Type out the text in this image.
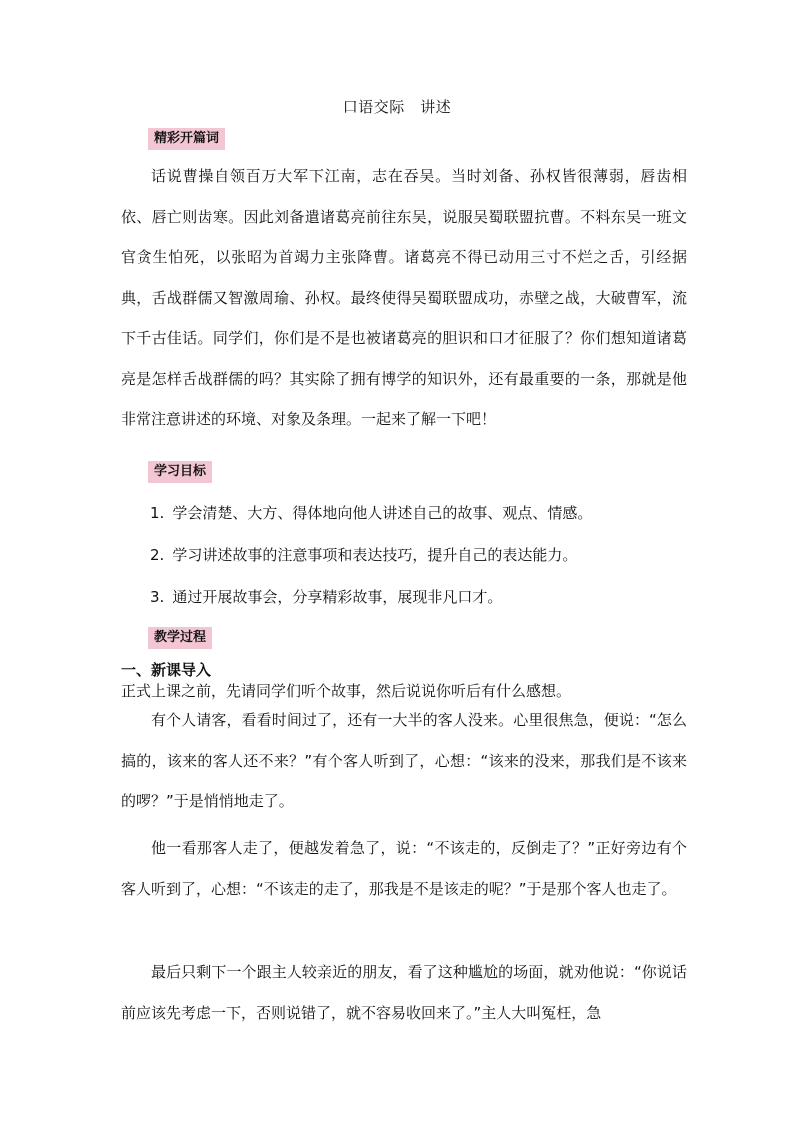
口语交际　讲述
精彩开篇词

话说曹操自领百万大军下江南，志在吞吴。当时刘备、孙权皆很薄弱，唇齿相依、唇亡则齿寒。因此刘备遣诸葛亮前往东吴，说服吴蜀联盟抗曹。不料东吴一班文官贪生怕死，以张昭为首竭力主张降曹。诸葛亮不得已动用三寸不烂之舌，引经据典，舌战群儒又智激周瑜、孙权。最终使得吴蜀联盟成功，赤壁之战，大破曹军，流下千古佳话。同学们，你们是不是也被诸葛亮的胆识和口才征服了？你们想知道诸葛亮是怎样舌战群儒的吗？其实除了拥有博学的知识外，还有最重要的一条，那就是他非常注意讲述的环境、对象及条理。一起来了解一下吧！

学习目标
1. 学会清楚、大方、得体地向他人讲述自己的故事、观点、情感。
2. 学习讲述故事的注意事项和表达技巧，提升自己的表达能力。
3. 通过开展故事会，分享精彩故事，展现非凡口才。
教学过程
一、新课导入
正式上课之前，先请同学们听个故事，然后说说你听后有什么感想。

有个人请客，看看时间过了，还有一大半的客人没来。心里很焦急，便说：“怎么搞的，该来的客人还不来？”有个客人听到了，心想：“该来的没来，那我们是不该来的啰？”于是悄悄地走了。

他一看那客人走了，便越发着急了，说：“不该走的，反倒走了？”正好旁边有个客人听到了，心想：“不该走的走了，那我是不是该走的呢？”于是那个客人也走了。

最后只剩下一个跟主人较亲近的朋友，看了这种尴尬的场面，就劝他说：“你说话前应该先考虑一下，否则说错了，就不容易收回来了。”主人大叫冤枉，急
